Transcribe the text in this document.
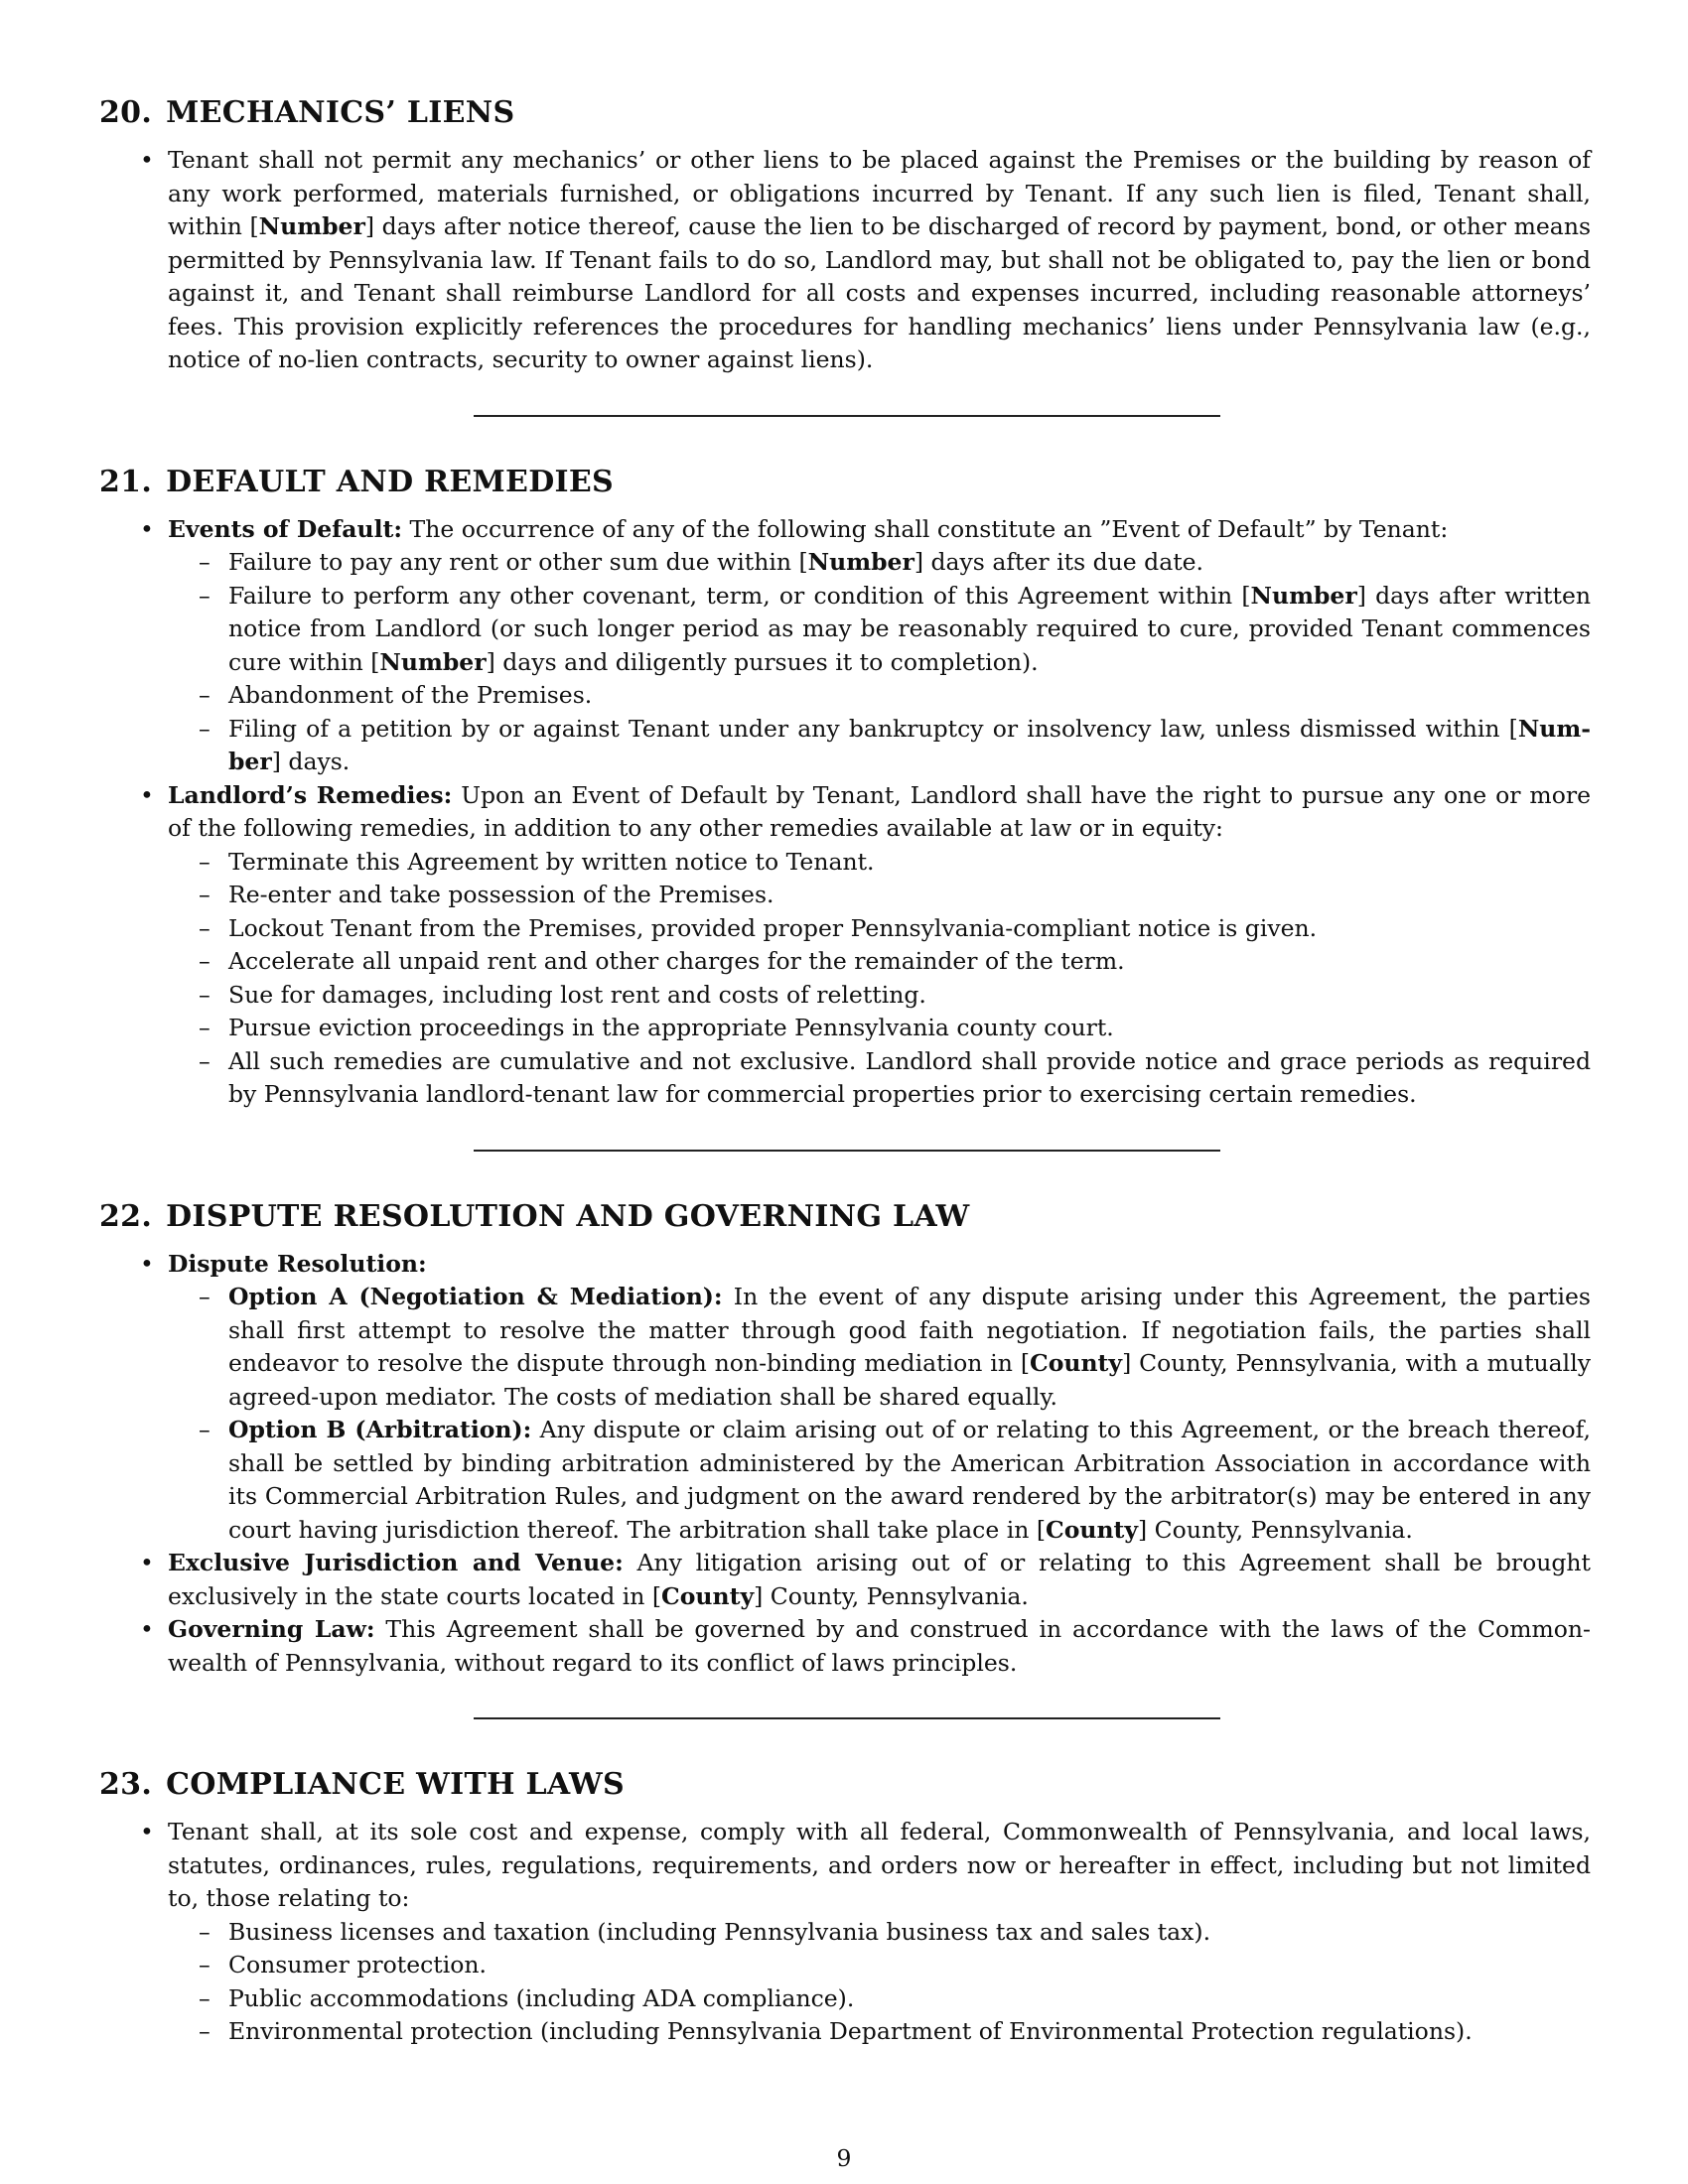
20. MECHANICS’ LIENS
• Tenant shall not permit any mechanics’ or other liens to be placed against the Premises or the building by reason of any work performed, materials furnished, or obligations incurred by Tenant. If any such lien is filed, Tenant shall, within [Number] days after notice thereof, cause the lien to be discharged of record by payment, bond, or other means permitted by Pennsylvania law. If Tenant fails to do so, Landlord may, but shall not be obligated to, pay the lien or bond against it, and Tenant shall reimburse Landlord for all costs and expenses incurred, including reasonable attorneys’ fees. This provision explicitly references the procedures for handling mechanics’ liens under Pennsylvania law (e.g., notice of no-lien contracts, security to owner against liens).
21. DEFAULT AND REMEDIES
• Events of Default: The occurrence of any of the following shall constitute an ”Event of Default” by Tenant:
– Failure to pay any rent or other sum due within [Number] days after its due date.
– Failure to perform any other covenant, term, or condition of this Agreement within [Number] days after written notice from Landlord (or such longer period as may be reasonably required to cure, provided Tenant commences cure within [Number] days and diligently pursues it to completion).
– Abandonment of the Premises.
– Filing of a petition by or against Tenant under any bankruptcy or insolvency law, unless dismissed within [Num-ber] days.
• Landlord’s Remedies: Upon an Event of Default by Tenant, Landlord shall have the right to pursue any one or more of the following remedies, in addition to any other remedies available at law or in equity:
– Terminate this Agreement by written notice to Tenant.
– Re-enter and take possession of the Premises.
– Lockout Tenant from the Premises, provided proper Pennsylvania-compliant notice is given.
– Accelerate all unpaid rent and other charges for the remainder of the term.
– Sue for damages, including lost rent and costs of reletting.
– Pursue eviction proceedings in the appropriate Pennsylvania county court.
– All such remedies are cumulative and not exclusive. Landlord shall provide notice and grace periods as required by Pennsylvania landlord-tenant law for commercial properties prior to exercising certain remedies.
22. DISPUTE RESOLUTION AND GOVERNING LAW
• Dispute Resolution:
– Option A (Negotiation & Mediation): In the event of any dispute arising under this Agreement, the parties shall first attempt to resolve the matter through good faith negotiation. If negotiation fails, the parties shall endeavor to resolve the dispute through non-binding mediation in [County] County, Pennsylvania, with a mutually agreed-upon mediator. The costs of mediation shall be shared equally.
– Option B (Arbitration): Any dispute or claim arising out of or relating to this Agreement, or the breach thereof, shall be settled by binding arbitration administered by the American Arbitration Association in accordance with its Commercial Arbitration Rules, and judgment on the award rendered by the arbitrator(s) may be entered in any court having jurisdiction thereof. The arbitration shall take place in [County] County, Pennsylvania.
• Exclusive Jurisdiction and Venue: Any litigation arising out of or relating to this Agreement shall be brought exclusively in the state courts located in [County] County, Pennsylvania.
• Governing Law: This Agreement shall be governed by and construed in accordance with the laws of the Common-wealth of Pennsylvania, without regard to its conflict of laws principles.
23. COMPLIANCE WITH LAWS
• Tenant shall, at its sole cost and expense, comply with all federal, Commonwealth of Pennsylvania, and local laws, statutes, ordinances, rules, regulations, requirements, and orders now or hereafter in effect, including but not limited to, those relating to:
– Business licenses and taxation (including Pennsylvania business tax and sales tax).
– Consumer protection.
– Public accommodations (including ADA compliance).
– Environmental protection (including Pennsylvania Department of Environmental Protection regulations).
9
